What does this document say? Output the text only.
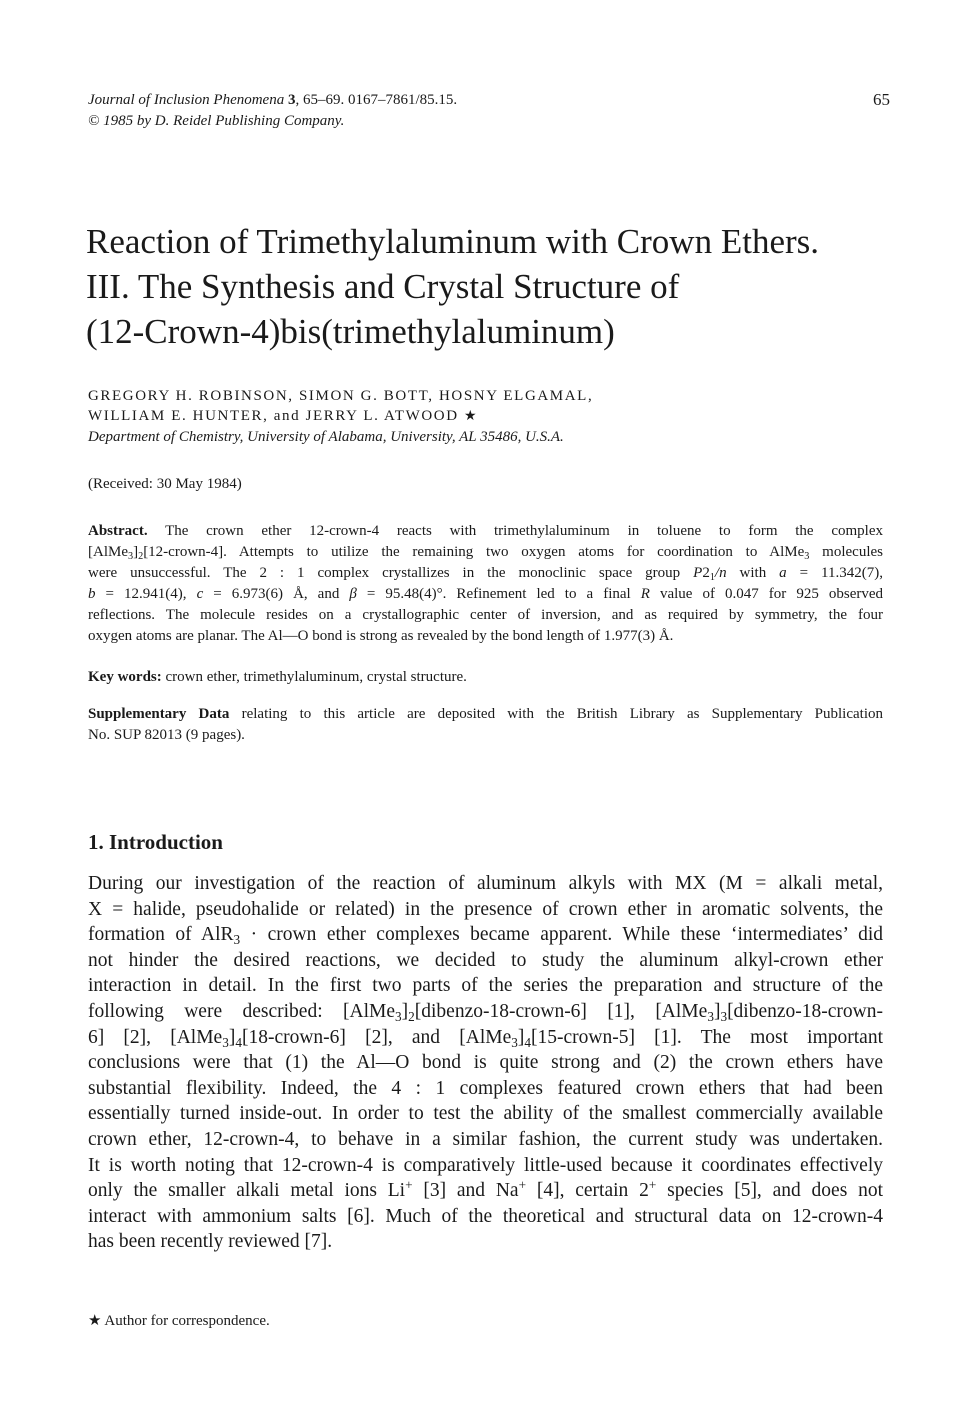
Journal of Inclusion Phenomena 3, 65–69. 0167–7861/85.15.
© 1985 by D. Reidel Publishing Company.
65
Reaction of Trimethylaluminum with Crown Ethers.
III. The Synthesis and Crystal Structure of
(12-Crown-4)bis(trimethylaluminum)
GREGORY H. ROBINSON, SIMON G. BOTT, HOSNY ELGAMAL,
WILLIAM E. HUNTER, and JERRY L. ATWOOD ★
Department of Chemistry, University of Alabama, University, AL 35486, U.S.A.
(Received: 30 May 1984)
Abstract. The crown ether 12-crown-4 reacts with trimethylaluminum in toluene to form the complex
$[AlMe_3]_2[12-crown-4]$. Attempts to utilize the remaining two oxygen atoms for coordination to AlMe$_3$ molecules
were unsuccessful. The 2 : 1 complex crystallizes in the monoclinic space group $P2_1/n$ with a = 11.342(7),
b = 12.941(4), c = 6.973(6) Å, and β = 95.48(4)°. Refinement led to a final R value of 0.047 for 925 observed
reflections. The molecule resides on a crystallographic center of inversion, and as required by symmetry, the four
oxygen atoms are planar. The Al—O bond is strong as revealed by the bond length of 1.977(3) Å.
Key words: crown ether, trimethylaluminum, crystal structure.
Supplementary Data relating to this article are deposited with the British Library as Supplementary Publication
No. SUP 82013 (9 pages).
1. Introduction
During our investigation of the reaction of aluminum alkyls with MX (M = alkali metal,
X = halide, pseudohalide or related) in the presence of crown ether in aromatic solvents, the
formation of AlR$_3$ · crown ether complexes became apparent. While these ‘intermediates’ did
not hinder the desired reactions, we decided to study the aluminum alkyl-crown ether
interaction in detail. In the first two parts of the series the preparation and structure of the
following were described: $[AlMe_3]_2[dibenzo-18-crown-6]$ [1], $[AlMe_3]_3[dibenzo-18-crown-$
6] [2], $[AlMe_3]_4[18-crown-6]$ [2], and $[AlMe_3]_4[15-crown-5]$ [1]. The most important
conclusions were that (1) the Al—O bond is quite strong and (2) the crown ethers have
substantial flexibility. Indeed, the 4 : 1 complexes featured crown ethers that had been
essentially turned inside-out. In order to test the ability of the smallest commercially available
crown ether, 12-crown-4, to behave in a similar fashion, the current study was undertaken.
It is worth noting that 12-crown-4 is comparatively little-used because it coordinates effectively
only the smaller alkali metal ions Li+ [3] and Na+ [4], certain 2+ species [5], and does not
interact with ammonium salts [6]. Much of the theoretical and structural data on 12-crown-4
has been recently reviewed [7].
★ Author for correspondence.
